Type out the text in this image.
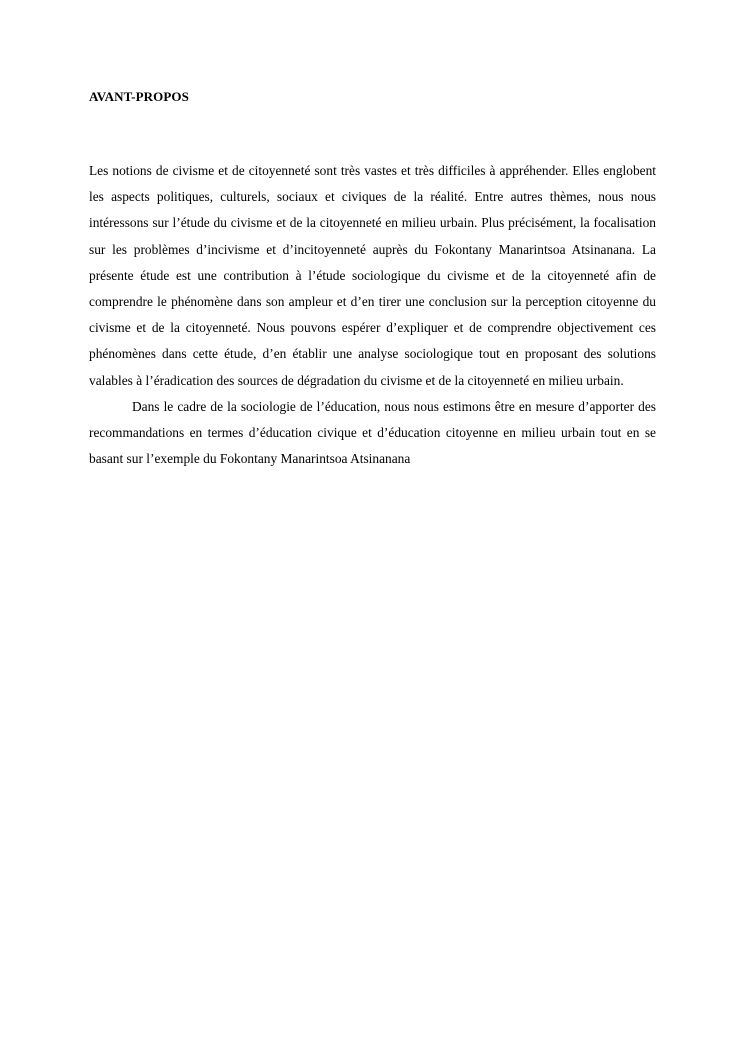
AVANT-PROPOS

Les notions de civisme et de citoyenneté sont très vastes et très difficiles à appréhender. Elles englobent les aspects politiques, culturels, sociaux et civiques de la réalité. Entre autres thèmes, nous nous intéressons sur l’étude du civisme et de la citoyenneté en milieu urbain. Plus précisément, la focalisation sur les problèmes d’incivisme et d’incitoyenneté auprès du Fokontany Manarintsoa Atsinanana. La présente étude est une contribution à l’étude sociologique du civisme et de la citoyenneté afin de comprendre le phénomène dans son ampleur et d’en tirer une conclusion sur la perception citoyenne du civisme et de la citoyenneté. Nous pouvons espérer d’expliquer et de comprendre objectivement ces phénomènes dans cette étude, d’en établir une analyse sociologique tout en proposant des solutions valables à l’éradication des sources de dégradation du civisme et de la citoyenneté en milieu urbain.

Dans le cadre de la sociologie de l’éducation, nous nous estimons être en mesure d’apporter des recommandations en termes d’éducation civique et d’éducation citoyenne en milieu urbain tout en se basant sur l’exemple du Fokontany Manarintsoa Atsinanana
